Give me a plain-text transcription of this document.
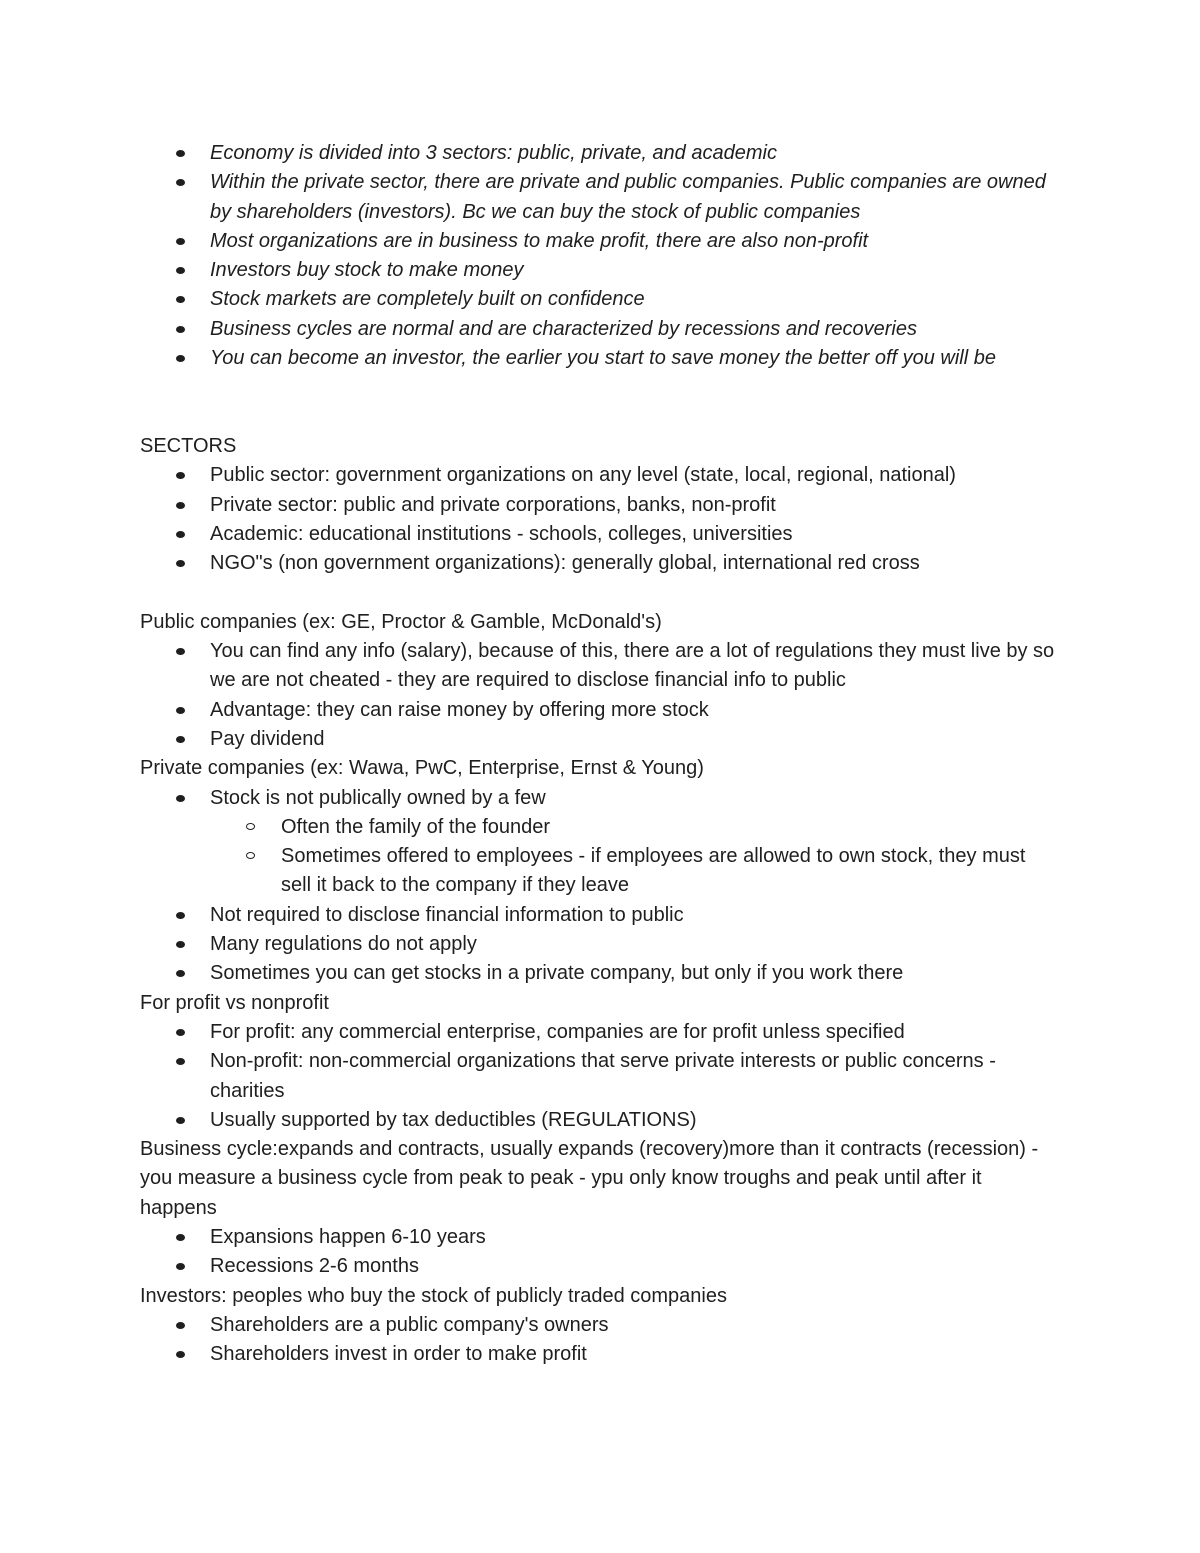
Economy is divided into 3 sectors: public, private, and academic
Within the private sector, there are private and public companies. Public companies are owned by shareholders (investors). Bc we can buy the stock of public companies
Most organizations are in business to make profit, there are also non-profit
Investors buy stock to make money
Stock markets are completely built on confidence
Business cycles are normal and are characterized by recessions and recoveries
You can become an investor, the earlier you start to save money the better off you will be

SECTORS

Public sector: government organizations on any level (state, local, regional, national)
Private sector: public and private corporations, banks, non-profit
Academic: educational institutions - schools, colleges, universities
NGO"s (non government organizations): generally global, international red cross

Public companies (ex: GE, Proctor & Gamble, McDonald's)

You can find any info (salary), because of this, there are a lot of regulations they must live by so we are not cheated - they are required to disclose financial info to public
Advantage: they can raise money by offering more stock
Pay dividend

Private companies (ex: Wawa, PwC, Enterprise, Ernst & Young)

Stock is not publically owned by a few
Often the family of the founder
Sometimes offered to employees - if employees are allowed to own stock, they must sell it back to the company if they leave
Not required to disclose financial information to public
Many regulations do not apply
Sometimes you can get stocks in a private company, but only if you work there

For profit vs nonprofit

For profit: any commercial enterprise, companies are for profit unless specified
Non-profit: non-commercial organizations that serve private interests or public concerns - charities
Usually supported by tax deductibles (REGULATIONS)

Business cycle:expands and contracts, usually expands (recovery)more than it contracts (recession) - you measure a business cycle from peak to peak - ypu only know troughs and peak until after it happens

Expansions happen 6-10 years
Recessions 2-6 months

Investors: peoples who buy the stock of publicly traded companies

Shareholders are a public company's owners
Shareholders invest in order to make profit
